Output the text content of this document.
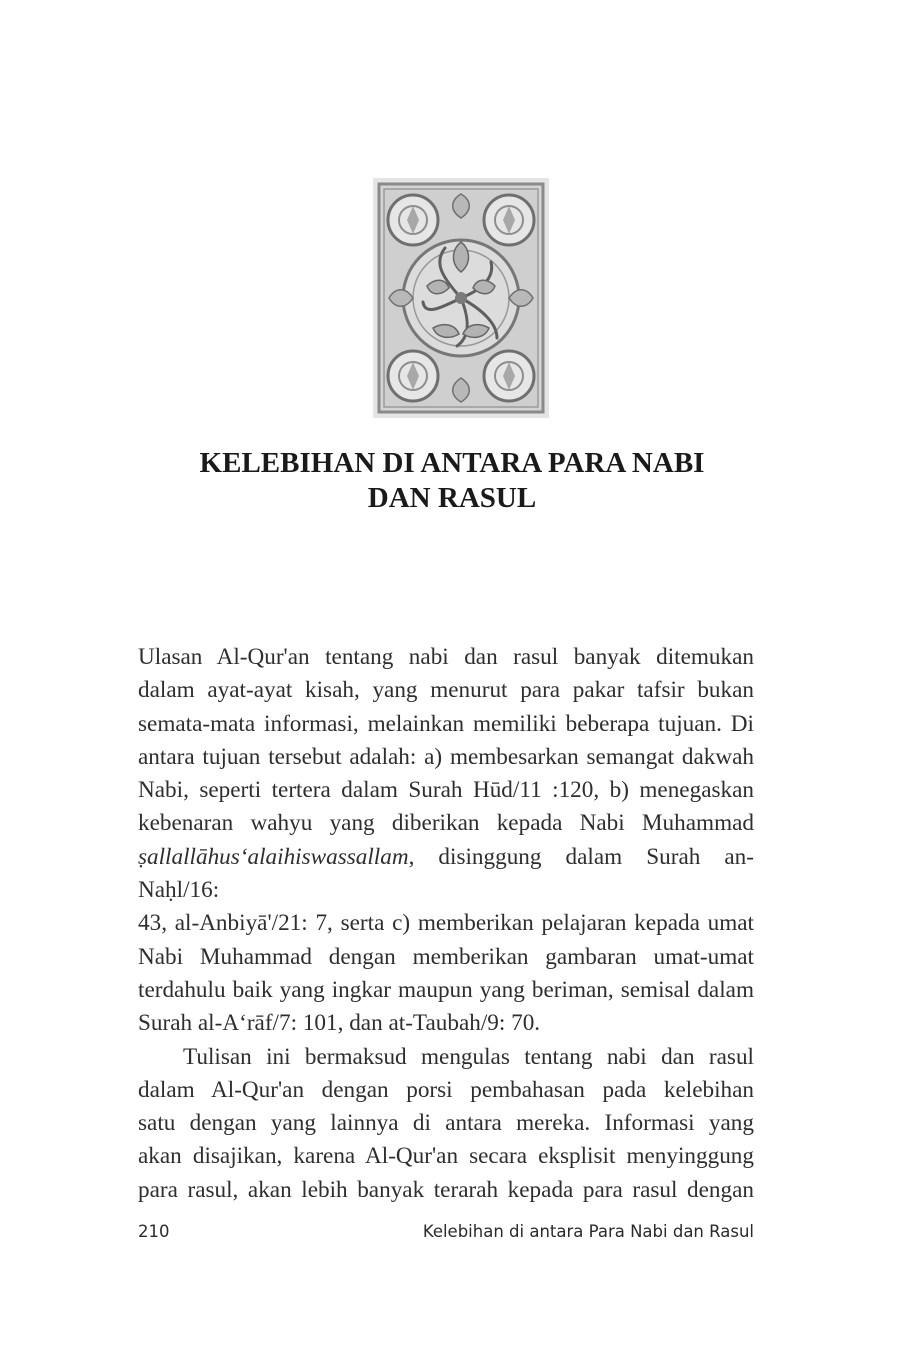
KELEBIHAN DI ANTARA PARA NABI
DAN RASUL
Ulasan Al-Qur'an tentang nabi dan rasul banyak ditemukan
dalam ayat-ayat kisah, yang menurut para pakar tafsir bukan
semata-mata informasi, melainkan memiliki beberapa tujuan. Di
antara tujuan tersebut adalah: a) membesarkan semangat dakwah
Nabi, seperti tertera dalam Surah Hūd/11 :120, b) menegaskan
kebenaran wahyu yang diberikan kepada Nabi Muhammad
ṣallallāhus‘alaihiswassallam, disinggung dalam Surah an-Naḥl/16:
43, al-Anbiyā'/21: 7, serta c) memberikan pelajaran kepada umat
Nabi Muhammad dengan memberikan gambaran umat-umat
terdahulu baik yang ingkar maupun yang beriman, semisal dalam
Surah al-A‘rāf/7: 101, dan at-Taubah/9: 70.
Tulisan ini bermaksud mengulas tentang nabi dan rasul
dalam Al-Qur'an dengan porsi pembahasan pada kelebihan
satu dengan yang lainnya di antara mereka. Informasi yang
akan disajikan, karena Al-Qur'an secara eksplisit menyinggung
para rasul, akan lebih banyak terarah kepada para rasul dengan
210	Kelebihan di antara Para Nabi dan Rasul
